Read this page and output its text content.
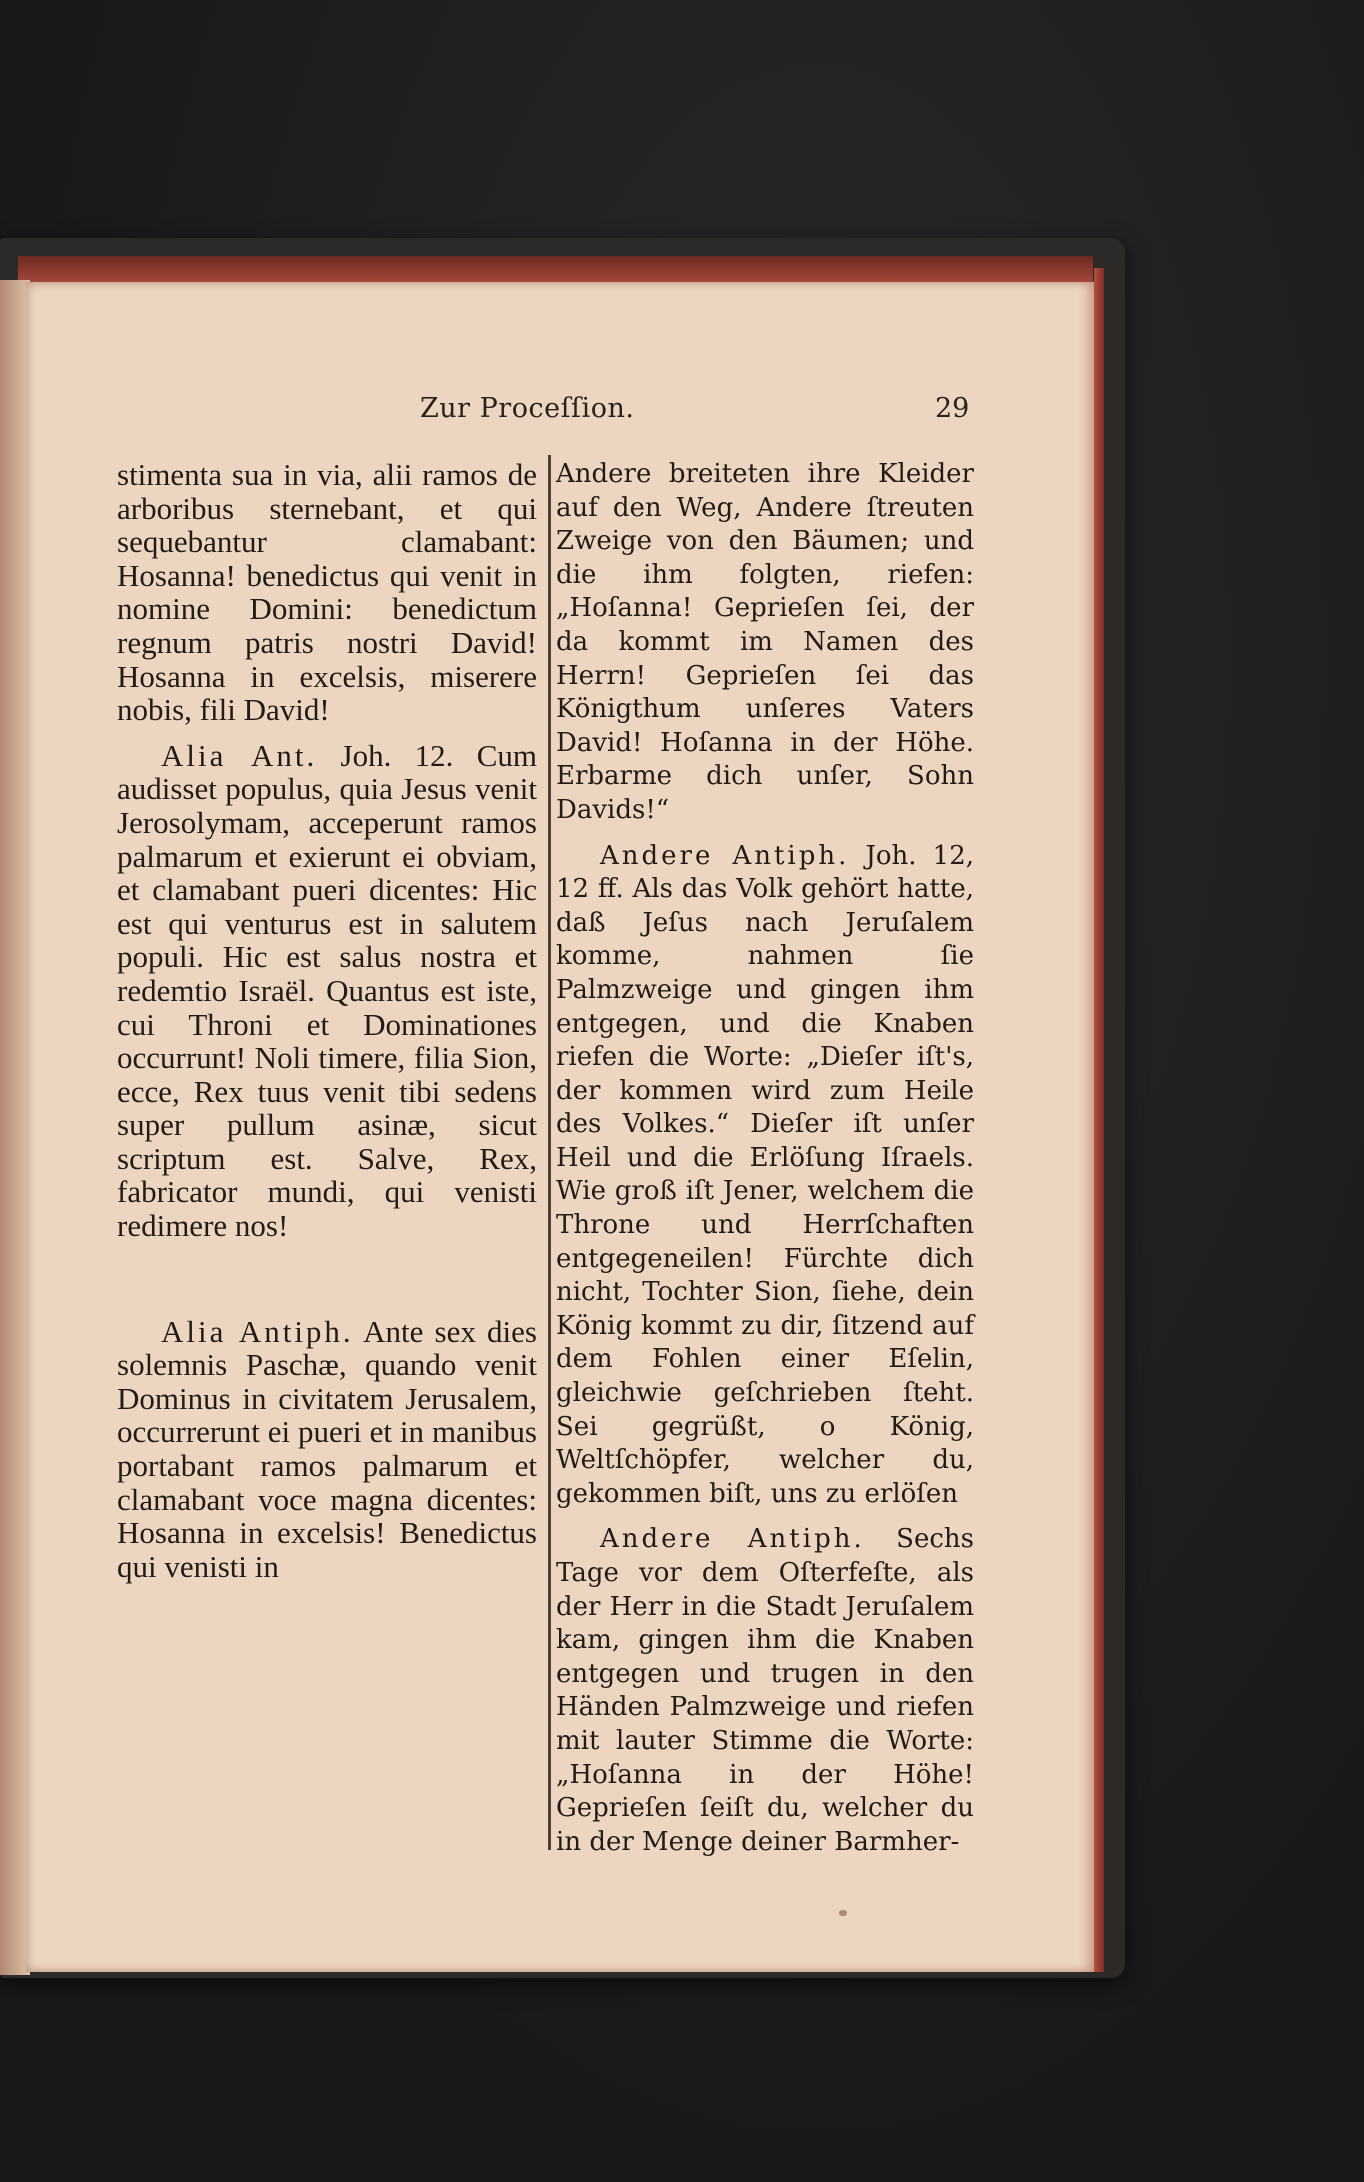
Zur Proceſſion.	29

stimenta sua in via, alii ramos de arboribus sternebant, et qui sequebantur clamabant: Hosanna! benedictus qui venit in nomine Domini: benedictum regnum patris nostri David! Hosanna in excelsis, miserere nobis, fili David!

Alia Ant. Joh. 12. Cum audisset populus, quia Jesus venit Jerosolymam, acceperunt ramos palmarum et exierunt ei obviam, et clamabant pueri dicentes: Hic est qui venturus est in salutem populi. Hic est salus nostra et redemtio Israël. Quantus est iste, cui Throni et Dominationes occurrunt! Noli timere, filia Sion, ecce, Rex tuus venit tibi sedens super pullum asinæ, sicut scriptum est. Salve, Rex, fabricator mundi, qui venisti redimere nos!

Alia Antiph. Ante sex dies solemnis Paschæ, quando venit Dominus in civitatem Jerusalem, occurrerunt ei pueri et in manibus portabant ramos palmarum et clamabant voce magna dicentes: Hosanna in excelsis! Benedictus qui venisti in

Andere breiteten ihre Kleider auf den Weg, Andere ſtreuten Zweige von den Bäumen; und die ihm folgten, riefen: „Hoſanna! Geprieſen ſei, der da kommt im Namen des Herrn! Geprieſen ſei das Königthum unſeres Vaters David! Hoſanna in der Höhe. Erbarme dich unſer, Sohn Davids!“

Andere Antiph. Joh. 12, 12 ff. Als das Volk gehört hatte, daß Jeſus nach Jeruſalem komme, nahmen ſie Palmzweige und gingen ihm entgegen, und die Knaben riefen die Worte: „Dieſer iſt's, der kommen wird zum Heile des Volkes.“ Dieſer iſt unſer Heil und die Erlöſung Iſraels. Wie groß iſt Jener, welchem die Throne und Herrſchaften entgegeneilen! Fürchte dich nicht, Tochter Sion, ſiehe, dein König kommt zu dir, ſitzend auf dem Fohlen einer Eſelin, gleichwie geſchrieben ſteht. Sei gegrüßt, o König, Weltſchöpfer, welcher du, gekommen biſt, uns zu erlöſen

Andere Antiph. Sechs Tage vor dem Oſterfeſte, als der Herr in die Stadt Jeruſalem kam, gingen ihm die Knaben entgegen und trugen in den Händen Palmzweige und riefen mit lauter Stimme die Worte: „Hoſanna in der Höhe! Geprieſen ſeiſt du, welcher du in der Menge deiner Barmher-
